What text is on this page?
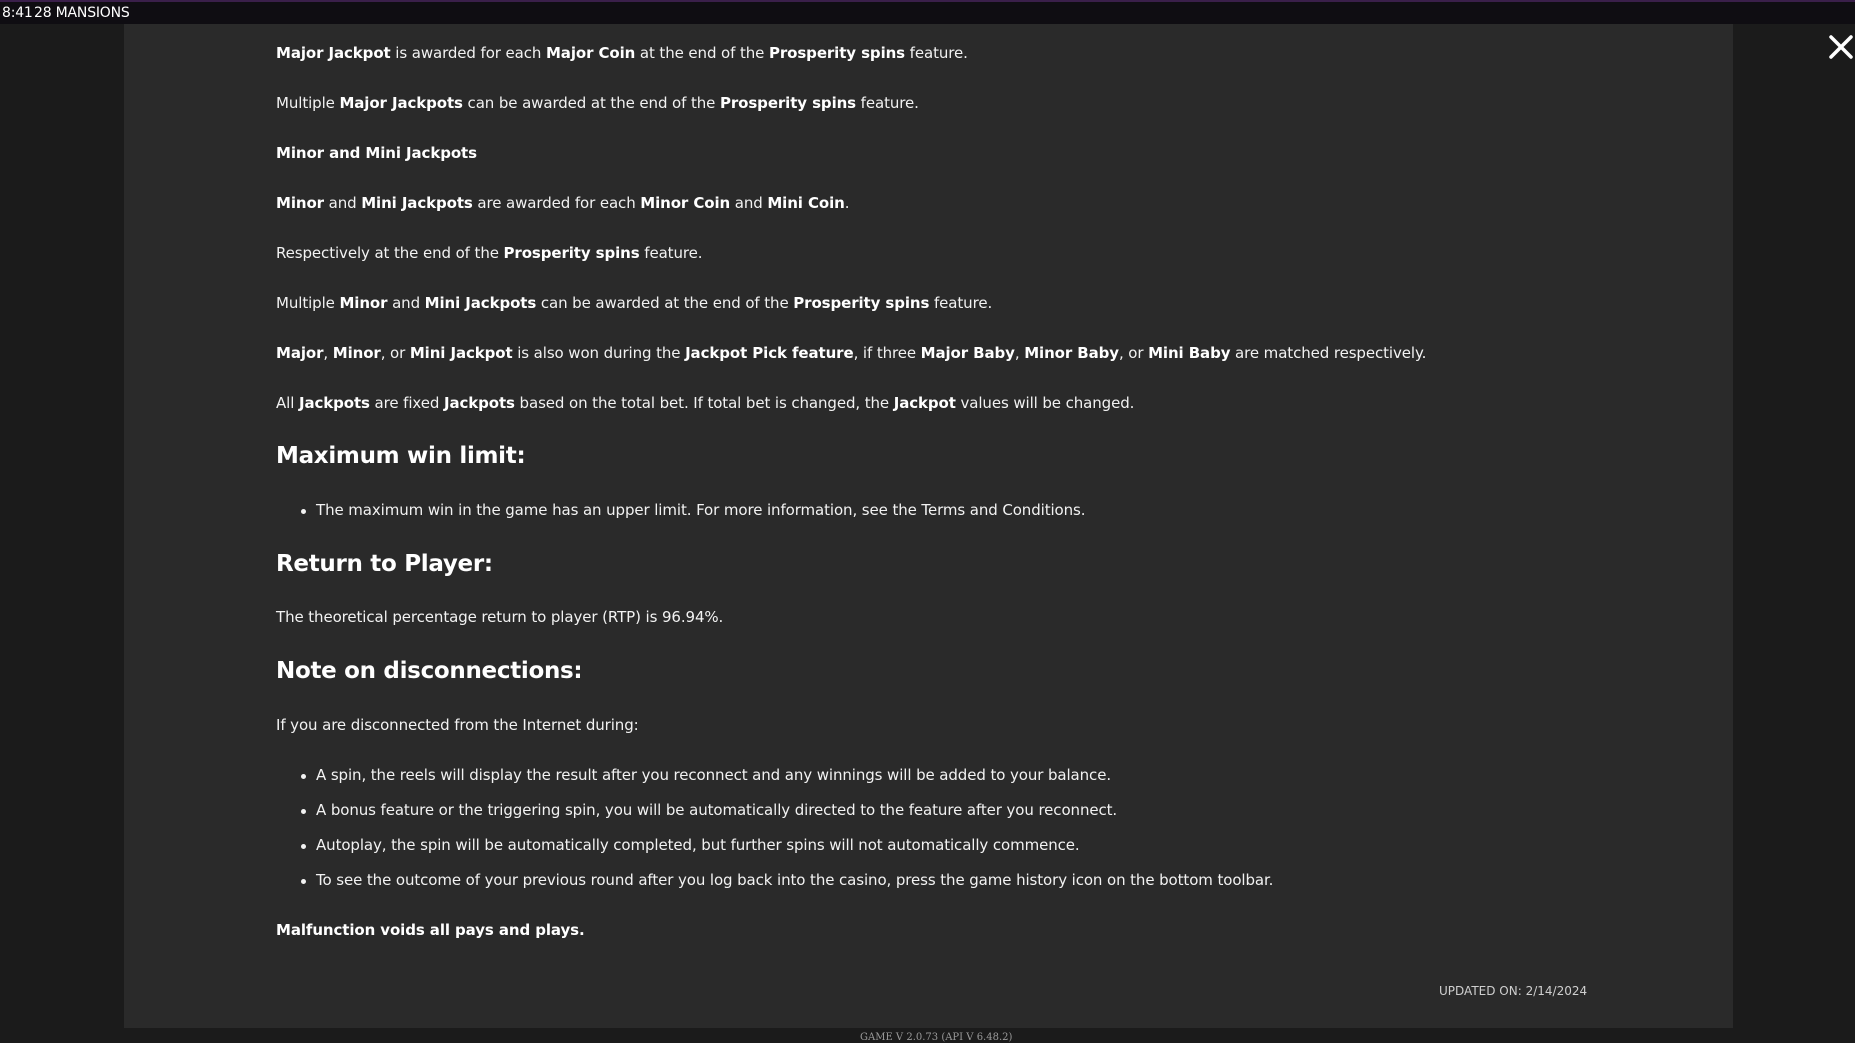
8:41 28 MANSIONS
Major Jackpot is awarded for each Major Coin at the end of the Prosperity spins feature.
Multiple Major Jackpots can be awarded at the end of the Prosperity spins feature.
Minor and Mini Jackpots
Minor and Mini Jackpots are awarded for each Minor Coin and Mini Coin.
Respectively at the end of the Prosperity spins feature.
Multiple Minor and Mini Jackpots can be awarded at the end of the Prosperity spins feature.
Major, Minor, or Mini Jackpot is also won during the Jackpot Pick feature, if three Major Baby, Minor Baby, or Mini Baby are matched respectively.
All Jackpots are fixed Jackpots based on the total bet. If total bet is changed, the Jackpot values will be changed.
Maximum win limit:
The maximum win in the game has an upper limit. For more information, see the Terms and Conditions.
Return to Player:
The theoretical percentage return to player (RTP) is 96.94%.
Note on disconnections:
If you are disconnected from the Internet during:
A spin, the reels will display the result after you reconnect and any winnings will be added to your balance.
A bonus feature or the triggering spin, you will be automatically directed to the feature after you reconnect.
Autoplay, the spin will be automatically completed, but further spins will not automatically commence.
To see the outcome of your previous round after you log back into the casino, press the game history icon on the bottom toolbar.
Malfunction voids all pays and plays.
UPDATED ON: 2/14/2024
GAME V 2.0.73 (API V 6.48.2)
